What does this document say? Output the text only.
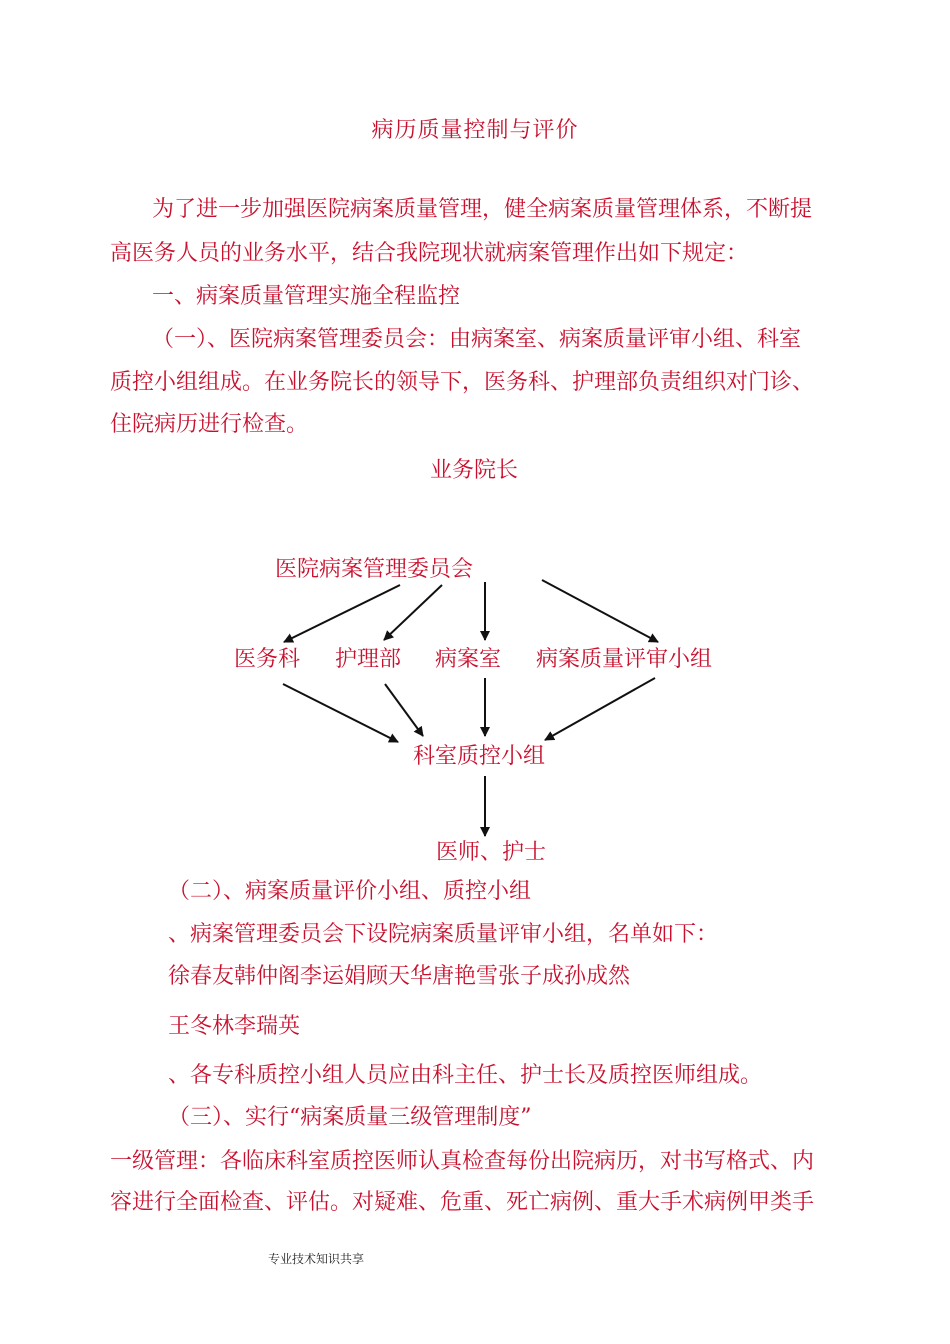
病历质量控制与评价
为了进一步加强医院病案质量管理，健全病案质量管理体系，不断提
高医务人员的业务水平，结合我院现状就病案管理作出如下规定：
一、病案质量管理实施全程监控
（一）、医院病案管理委员会：由病案室、病案质量评审小组、科室
质控小组组成。在业务院长的领导下，医务科、护理部负责组织对门诊、
住院病历进行检查。
业务院长
医院病案管理委员会
医务科 护理部 病案室 病案质量评审小组
科室质控小组
医师、护士
（二）、病案质量评价小组、质控小组
、病案管理委员会下设院病案质量评审小组，名单如下：
徐春友韩仲阁李运娟顾天华唐艳雪张子成孙成然
王冬林李瑞英
、各专科质控小组人员应由科主任、护士长及质控医师组成。
（三）、实行“病案质量三级管理制度”
一级管理：各临床科室质控医师认真检查每份出院病历，对书写格式、内
容进行全面检查、评估。对疑难、危重、死亡病例、重大手术病例甲类手
专业技术知识共享
